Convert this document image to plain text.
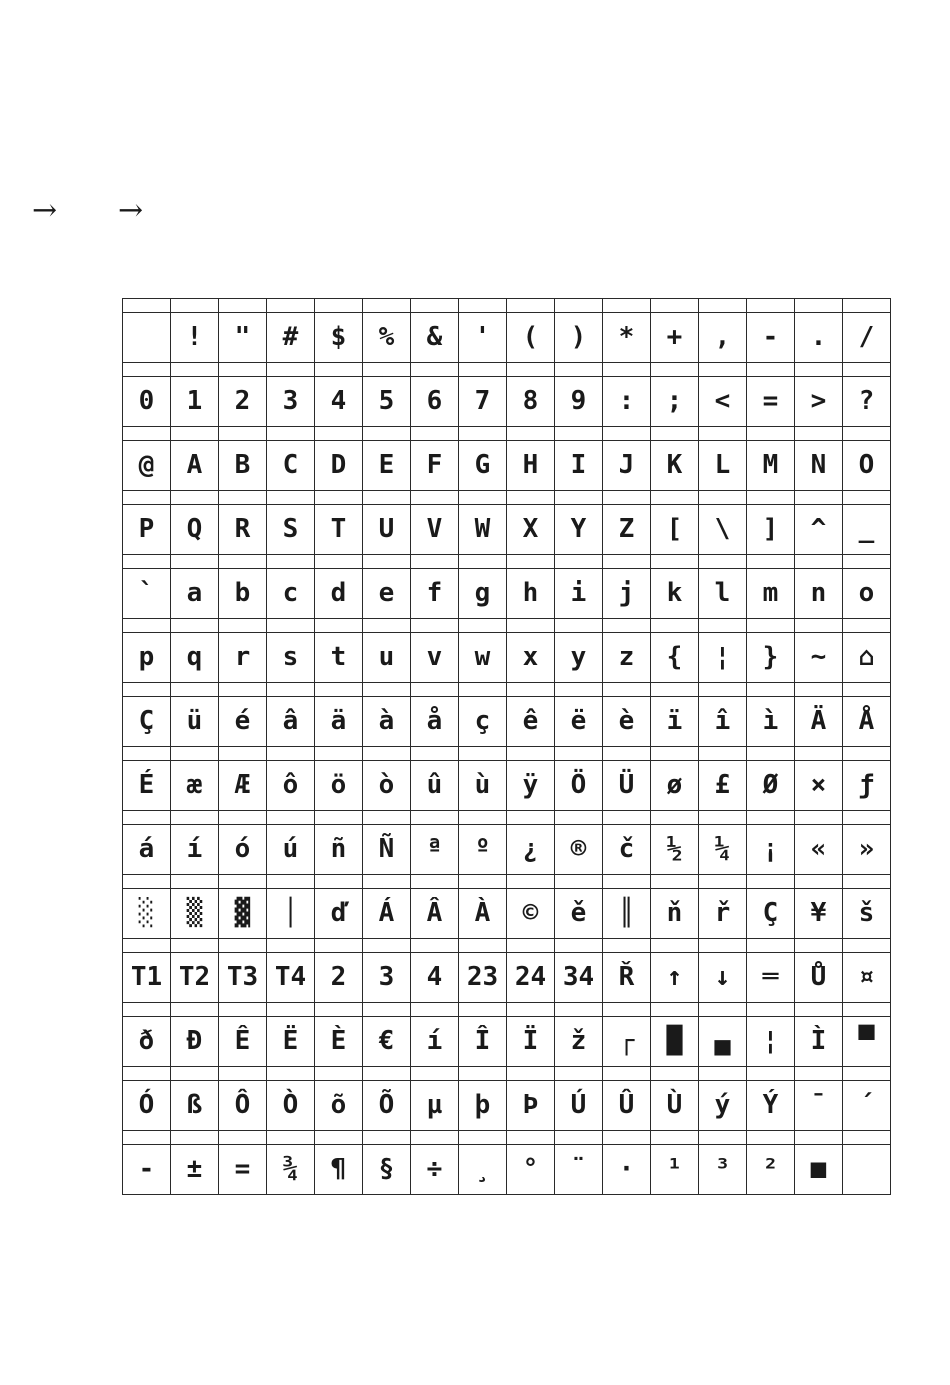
→ →

	!	"	#	$	%	&	'	(	)	*	+	,	-	.	/

0	1	2	3	4	5	6	7	8	9	:	;	<	=	>	?

@	A	B	C	D	E	F	G	H	I	J	K	L	M	N	O

P	Q	R	S	T	U	V	W	X	Y	Z	[	\	]	^	_

`	a	b	c	d	e	f	g	h	i	j	k	l	m	n	o

p	q	r	s	t	u	v	w	x	y	z	{	¦	}	~	⌂

Ç	ü	é	â	ä	à	å	ç	ê	ë	è	ï	î	ì	Ä	Å

É	æ	Æ	ô	ö	ò	û	ù	ÿ	Ö	Ü	ø	£	Ø	×	ƒ

á	í	ó	ú	ñ	Ñ	ª	º	¿	®	č	½	¼	¡	«	»

░	▒	▓	│	ď	Á	Â	À	©	ě	║	ň	ř	Ç	¥	š

T1	T2	T3	T4	2	3	4	23	24	34	Ř	↑	↓	═	Ů	¤

ð	Ð	Ê	Ë	È	€	í	Î	Ï	ž	┌	█	▄	¦	Ì	▀

Ó	ß	Ô	Ò	õ	Õ	µ	þ	Þ	Ú	Û	Ù	ý	Ý	¯	´

-	±	=	¾	¶	§	÷	¸	°	¨	·	¹	³	²	■	
